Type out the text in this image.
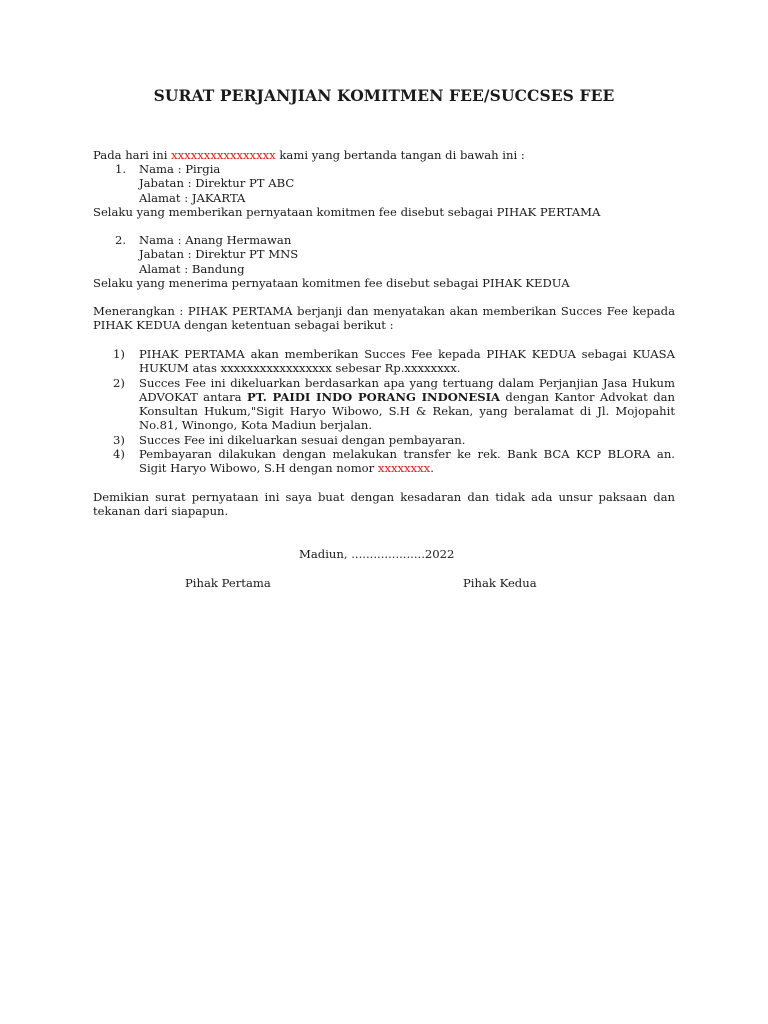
SURAT PERJANJIAN KOMITMEN FEE/SUCCSES FEE
Pada hari ini xxxxxxxxxxxxxxxx kami yang bertanda tangan di bawah ini :
1. Nama : Pirgia
Jabatan : Direktur PT ABC
Alamat : JAKARTA
Selaku yang memberikan pernyataan komitmen fee disebut sebagai PIHAK PERTAMA
2. Nama : Anang Hermawan
Jabatan : Direktur PT MNS
Alamat : Bandung
Selaku yang menerima pernyataan komitmen fee disebut sebagai PIHAK KEDUA
Menerangkan : PIHAK PERTAMA berjanji dan menyatakan akan memberikan Succes Fee kepada PIHAK KEDUA dengan ketentuan sebagai berikut :
1) PIHAK PERTAMA akan memberikan Succes Fee kepada PIHAK KEDUA sebagai KUASA HUKUM atas xxxxxxxxxxxxxxxxx sebesar Rp.xxxxxxxx.
2) Succes Fee ini dikeluarkan berdasarkan apa yang tertuang dalam Perjanjian Jasa Hukum ADVOKAT antara PT. PAIDI INDO PORANG INDONESIA dengan Kantor Advokat dan Konsultan Hukum,"Sigit Haryo Wibowo, S.H & Rekan, yang beralamat di Jl. Mojopahit No.81, Winongo, Kota Madiun berjalan.
3) Succes Fee ini dikeluarkan sesuai dengan pembayaran.
4) Pembayaran dilakukan dengan melakukan transfer ke rek. Bank BCA KCP BLORA an. Sigit Haryo Wibowo, S.H dengan nomor xxxxxxxx.
Demikian surat pernyataan ini saya buat dengan kesadaran dan tidak ada unsur paksaan dan tekanan dari siapapun.
Madiun, ....................2022
Pihak Pertama	Pihak Kedua
